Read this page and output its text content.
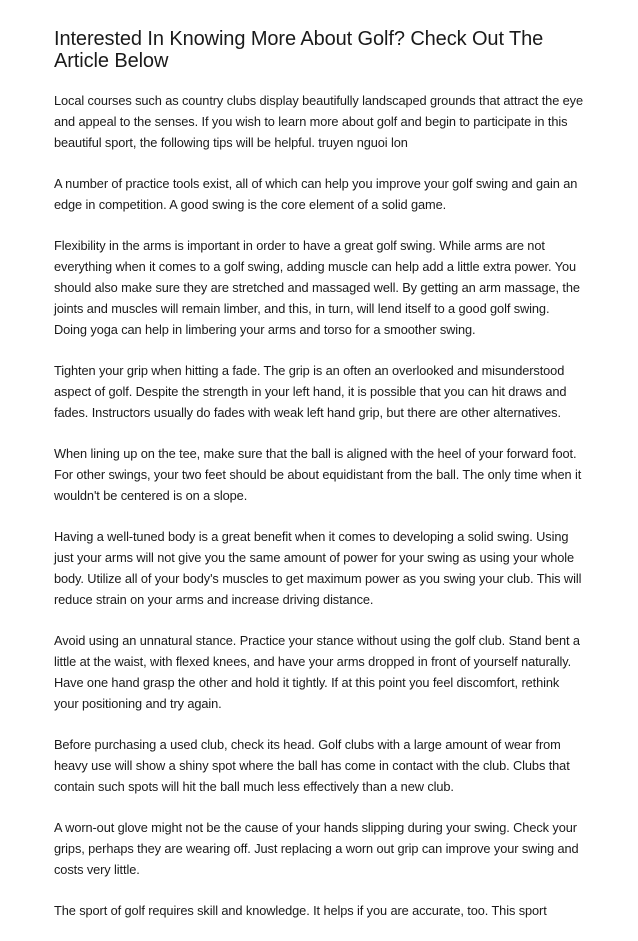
Interested In Knowing More About Golf? Check Out The Article Below

Local courses such as country clubs display beautifully landscaped grounds that attract the eye and appeal to the senses. If you wish to learn more about golf and begin to participate in this beautiful sport, the following tips will be helpful. truyen nguoi lon

A number of practice tools exist, all of which can help you improve your golf swing and gain an edge in competition. A good swing is the core element of a solid game.

Flexibility in the arms is important in order to have a great golf swing. While arms are not everything when it comes to a golf swing, adding muscle can help add a little extra power. You should also make sure they are stretched and massaged well. By getting an arm massage, the joints and muscles will remain limber, and this, in turn, will lend itself to a good golf swing. Doing yoga can help in limbering your arms and torso for a smoother swing.

Tighten your grip when hitting a fade. The grip is an often an overlooked and misunderstood aspect of golf. Despite the strength in your left hand, it is possible that you can hit draws and fades. Instructors usually do fades with weak left hand grip, but there are other alternatives.

When lining up on the tee, make sure that the ball is aligned with the heel of your forward foot. For other swings, your two feet should be about equidistant from the ball. The only time when it wouldn't be centered is on a slope.

Having a well-tuned body is a great benefit when it comes to developing a solid swing. Using just your arms will not give you the same amount of power for your swing as using your whole body. Utilize all of your body's muscles to get maximum power as you swing your club. This will reduce strain on your arms and increase driving distance.

Avoid using an unnatural stance. Practice your stance without using the golf club. Stand bent a little at the waist, with flexed knees, and have your arms dropped in front of yourself naturally. Have one hand grasp the other and hold it tightly. If at this point you feel discomfort, rethink your positioning and try again.

Before purchasing a used club, check its head. Golf clubs with a large amount of wear from heavy use will show a shiny spot where the ball has come in contact with the club. Clubs that contain such spots will hit the ball much less effectively than a new club.

A worn-out glove might not be the cause of your hands slipping during your swing. Check your grips, perhaps they are wearing off. Just replacing a worn out grip can improve your swing and costs very little.

The sport of golf requires skill and knowledge. It helps if you are accurate, too. This sport
